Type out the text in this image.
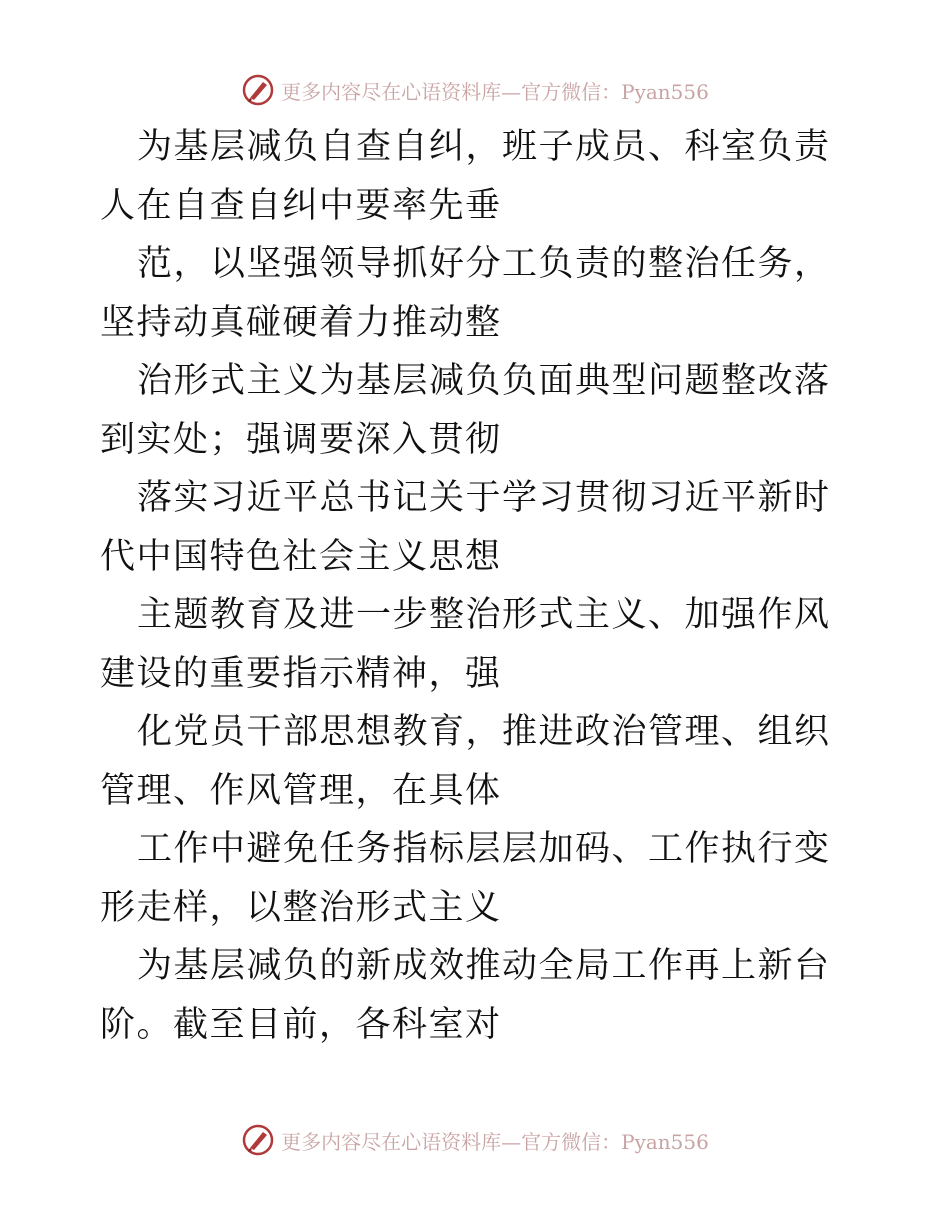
更多内容尽在心语资料库—官方微信：Pyan556

为基层减负自查自纠，班子成员、科室负责人在自查自纠中要率先垂

范，以坚强领导抓好分工负责的整治任务，坚持动真碰硬着力推动整

治形式主义为基层减负负面典型问题整改落到实处；强调要深入贯彻

落实习近平总书记关于学习贯彻习近平新时代中国特色社会主义思想

主题教育及进一步整治形式主义、加强作风建设的重要指示精神，强

化党员干部思想教育，推进政治管理、组织管理、作风管理，在具体

工作中避免任务指标层层加码、工作执行变形走样，以整治形式主义

为基层减负的新成效推动全局工作再上新台阶。截至目前，各科室对

更多内容尽在心语资料库—官方微信：Pyan556
